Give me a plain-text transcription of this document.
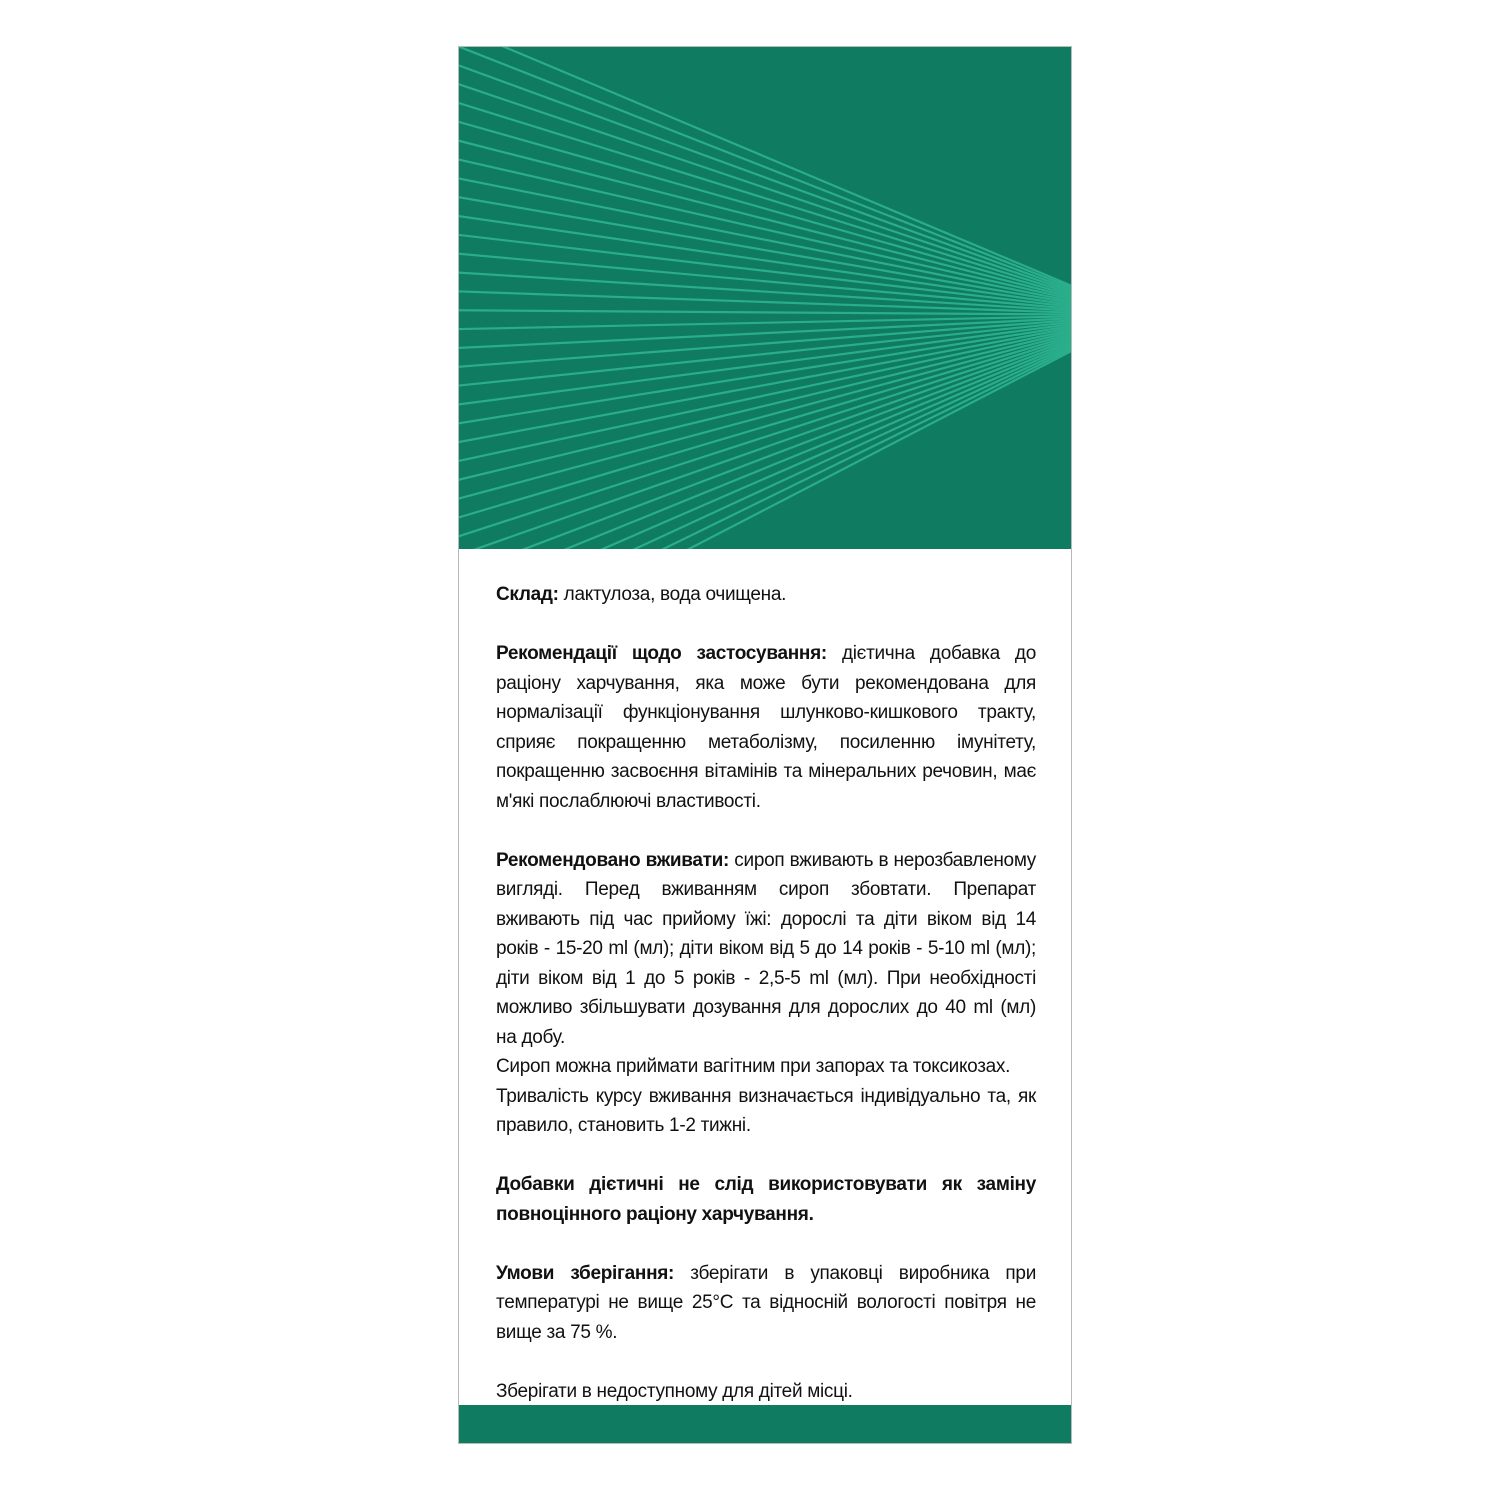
Склад: лактулоза, вода очищена.

Рекомендації щодо застосування: дієтична добавка до раціону харчування, яка може бути рекомендована для нормалізації функціонування шлунково-кишкового тракту, сприяє покращенню метаболізму, посиленню імунітету, покращенню засвоєння вітамінів та мінеральних речовин, має м'які послаблюючі властивості.

Рекомендовано вживати: сироп вживають в нерозбавленому вигляді. Перед вживанням сироп збовтати. Препарат вживають під час прийому їжі: дорослі та діти віком від 14 років - 15-20 ml (мл); діти віком від 5 до 14 років - 5-10 ml (мл); діти віком від 1 до 5 років - 2,5-5 ml (мл). При необхідності можливо збільшувати дозування для дорослих до 40 ml (мл) на добу.

Сироп можна приймати вагітним при запорах та токсикозах.

Тривалість курсу вживання визначається індивідуально та, як правило, становить 1-2 тижні.

Добавки дієтичні не слід використовувати як заміну повноцінного раціону харчування.

Умови зберігання: зберігати в упаковці виробника при температурі не вище 25°C та відносній вологості повітря не вище за 75 %.

Зберігати в недоступному для дітей місці.
